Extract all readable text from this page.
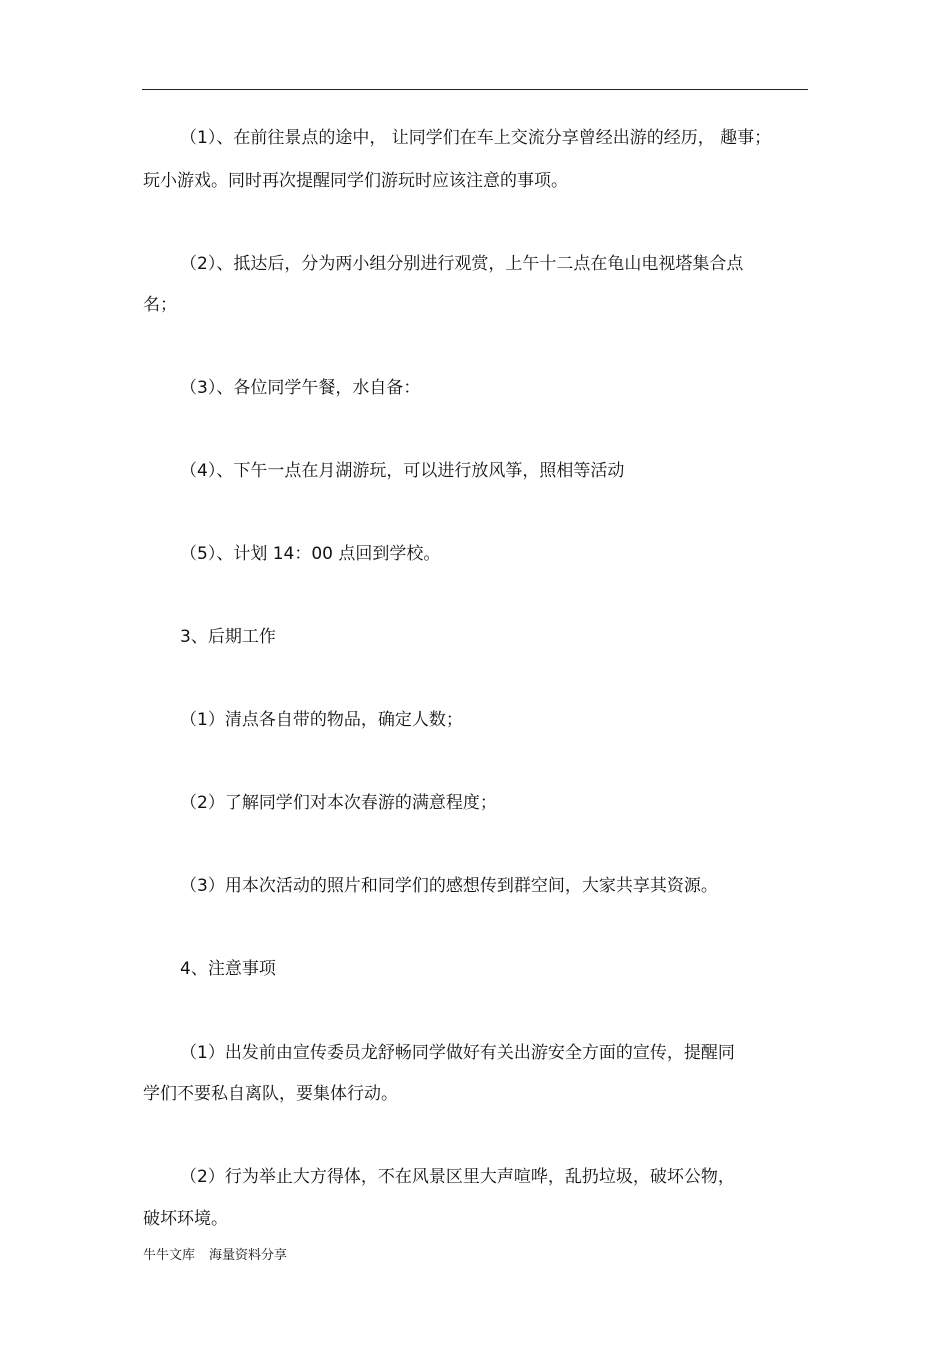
（1）、在前往景点的途中， 让同学们在车上交流分享曾经出游的经历， 趣事；
玩小游戏。同时再次提醒同学们游玩时应该注意的事项。
（2）、抵达后，分为两小组分别进行观赏，上午十二点在龟山电视塔集合点
名；
（3）、各位同学午餐，水自备：
（4）、下午一点在月湖游玩，可以进行放风筝，照相等活动
（5）、计划 14：00 点回到学校。
3、后期工作
（1）清点各自带的物品，确定人数；
（2）了解同学们对本次春游的满意程度；
（3）用本次活动的照片和同学们的感想传到群空间，大家共享其资源。
4、注意事项
（1）出发前由宣传委员龙舒畅同学做好有关出游安全方面的宣传，提醒同
学们不要私自离队，要集体行动。
（2）行为举止大方得体，不在风景区里大声喧哗，乱扔垃圾，破坏公物，
破坏环境。
牛牛文库 海量资料分享
